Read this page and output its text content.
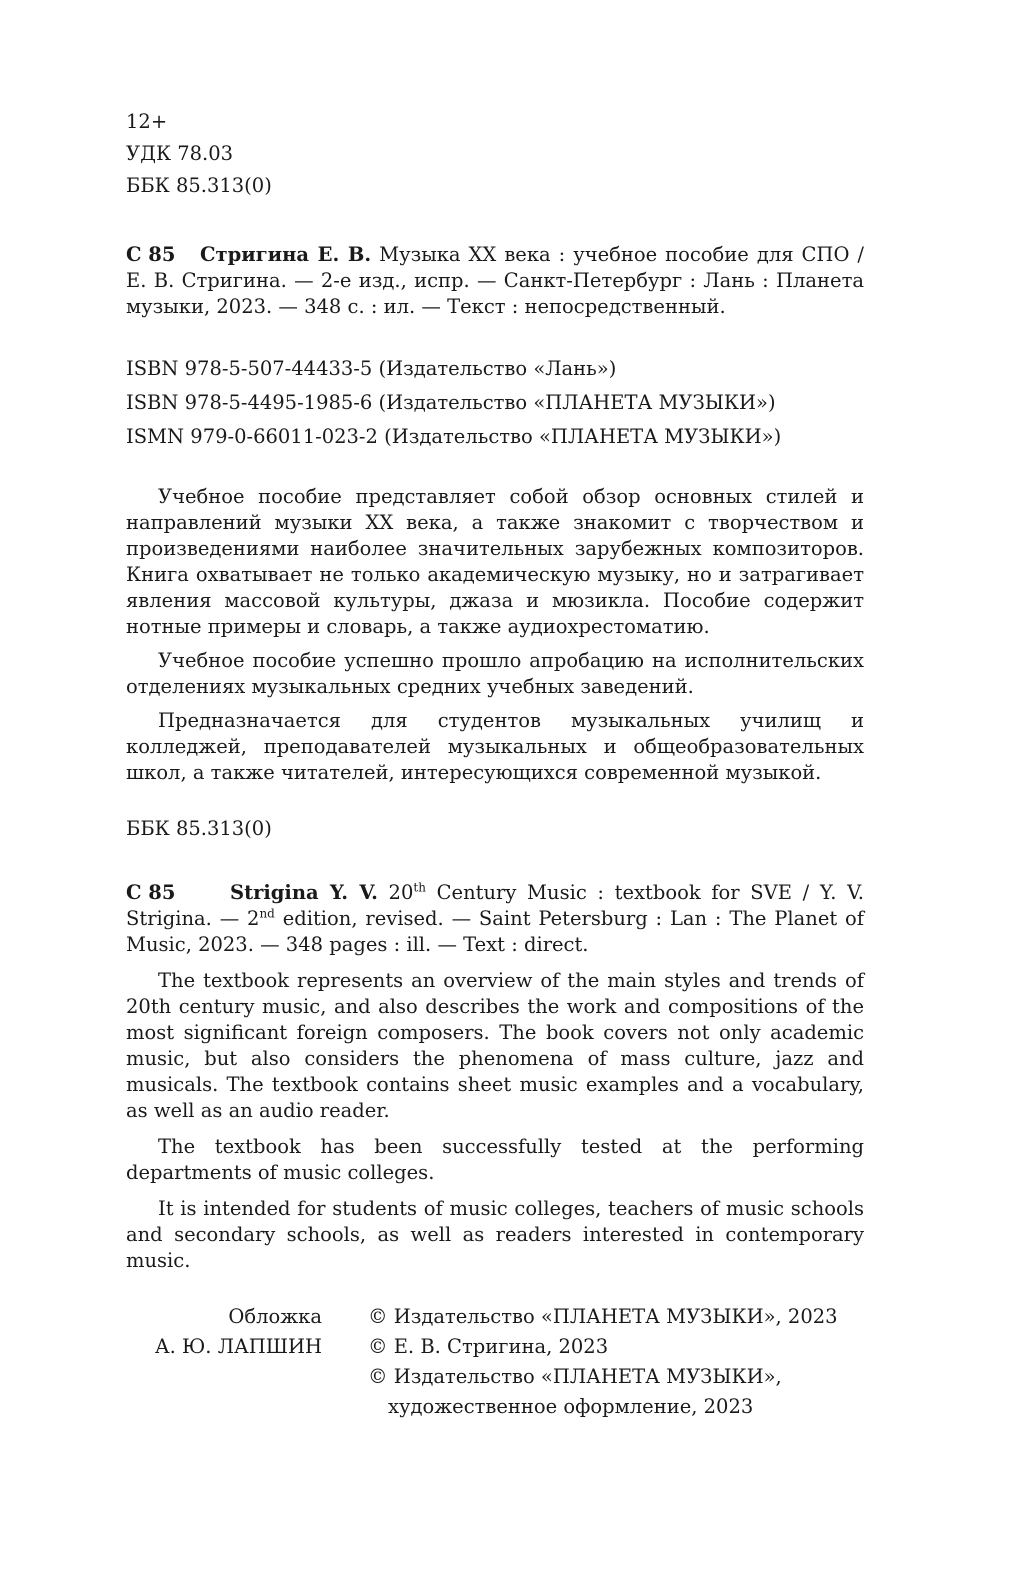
12+
УДК 78.03
ББК 85.313(0)
С 85 Стригина Е. В. Музыка XX века : учебное пособие для СПО / Е. В. Стригина. — 2-е изд., испр. — Санкт-Петербург : Лань : Планета музыки, 2023. — 348 с. : ил. — Текст : непосредственный.
ISBN 978-5-507-44433-5 (Издательство «Лань»)
ISBN 978-5-4495-1985-6 (Издательство «ПЛАНЕТА МУЗЫКИ»)
ISMN 979-0-66011-023-2 (Издательство «ПЛАНЕТА МУЗЫКИ»)

Учебное пособие представляет собой обзор основных стилей и направлений музыки XX века, а также знакомит с творчеством и произведениями наиболее значительных зарубежных композиторов. Книга охватывает не только академическую музыку, но и затрагивает явления массовой культуры, джаза и мюзикла. Пособие содержит нотные примеры и словарь, а также аудиохрестоматию.

Учебное пособие успешно прошло апробацию на исполнительских отделениях музыкальных средних учебных заведений.

Предназначается для студентов музыкальных училищ и колледжей, преподавателей музыкальных и общеобразовательных школ, а также читателей, интересующихся современной музыкой.

ББК 85.313(0)
С 85	Strigina Y. V. 20th Century Music : textbook for SVE / Y. V. Strigina. — 2nd edition, revised. — Saint Petersburg : Lan : The Planet of Music, 2023. — 348 pages : ill. — Text : direct.

The textbook represents an overview of the main styles and trends of 20th century music, and also describes the work and compositions of the most significant foreign composers. The book covers not only academic music, but also considers the phenomena of mass culture, jazz and musicals. The textbook contains sheet music examples and a vocabulary, as well as an audio reader.

The textbook has been successfully tested at the performing departments of music colleges.

It is intended for students of music colleges, teachers of music schools and secondary schools, as well as readers interested in contemporary music.

Обложка © Издательство «ПЛАНЕТА МУЗЫКИ», 2023
А. Ю. ЛАПШИН © Е. В. Стригина, 2023
© Издательство «ПЛАНЕТА МУЗЫКИ»,
художественное оформление, 2023
